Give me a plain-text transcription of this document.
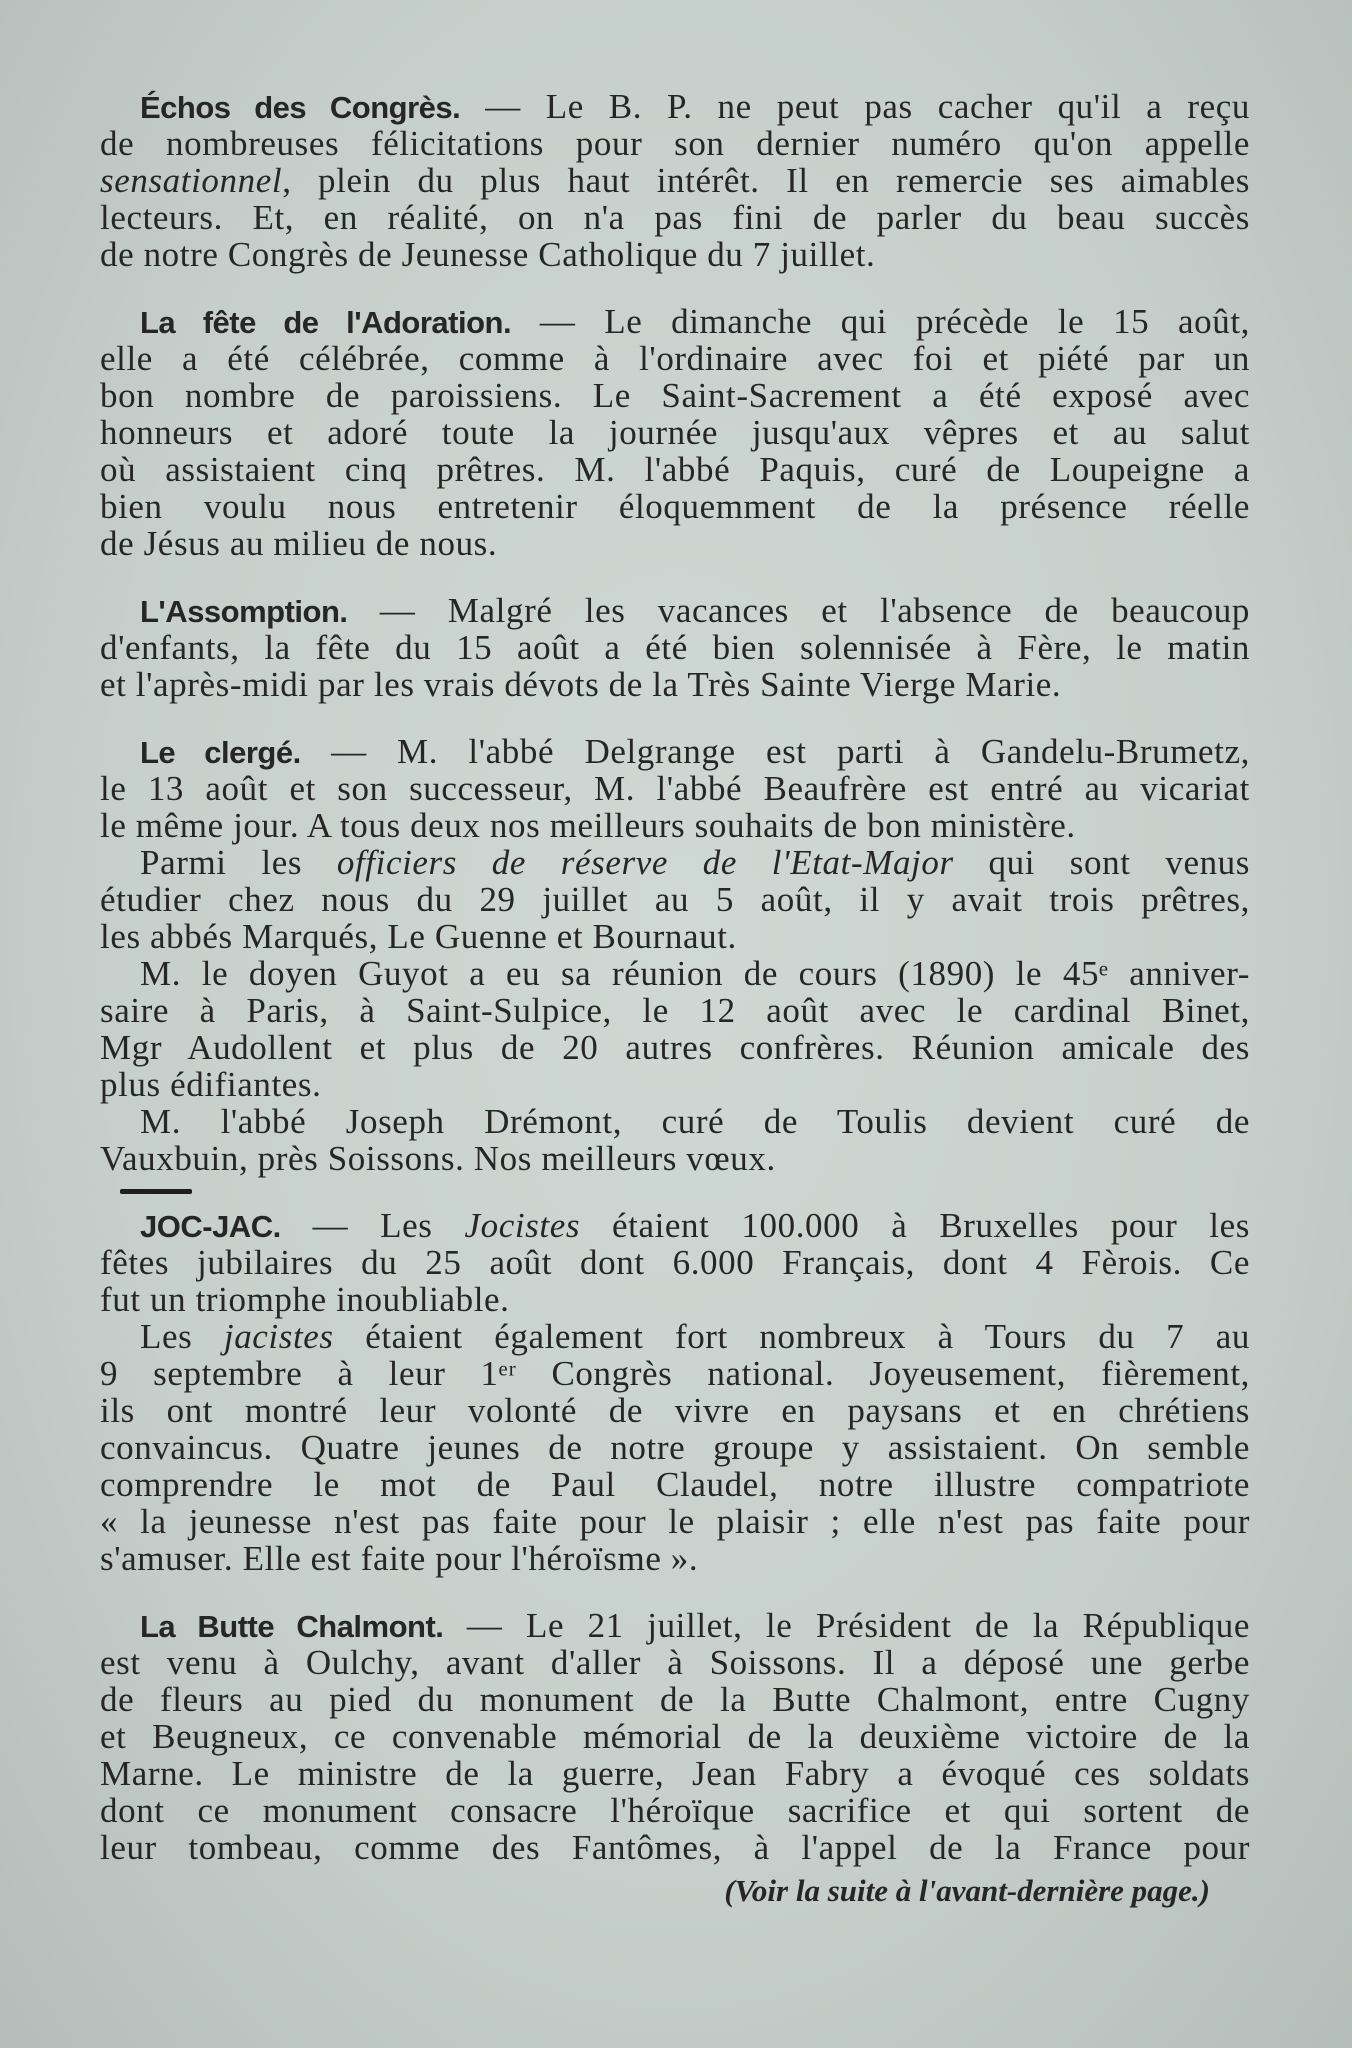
Échos des Congrès. — Le B. P. ne peut pas cacher qu'il a reçu
de nombreuses félicitations pour son dernier numéro qu'on appelle
sensationnel, plein du plus haut intérêt. Il en remercie ses aimables
lecteurs. Et, en réalité, on n'a pas fini de parler du beau succès
de notre Congrès de Jeunesse Catholique du 7 juillet.
La fête de l'Adoration. — Le dimanche qui précède le 15 août,
elle a été célébrée, comme à l'ordinaire avec foi et piété par un
bon nombre de paroissiens. Le Saint-Sacrement a été exposé avec
honneurs et adoré toute la journée jusqu'aux vêpres et au salut
où assistaient cinq prêtres. M. l'abbé Paquis, curé de Loupeigne a
bien voulu nous entretenir éloquemment de la présence réelle
de Jésus au milieu de nous.
L'Assomption. — Malgré les vacances et l'absence de beaucoup
d'enfants, la fête du 15 août a été bien solennisée à Fère, le matin
et l'après-midi par les vrais dévots de la Très Sainte Vierge Marie.
Le clergé. — M. l'abbé Delgrange est parti à Gandelu-Brumetz,
le 13 août et son successeur, M. l'abbé Beaufrère est entré au vicariat
le même jour. A tous deux nos meilleurs souhaits de bon ministère.
Parmi les officiers de réserve de l'Etat-Major qui sont venus
étudier chez nous du 29 juillet au 5 août, il y avait trois prêtres,
les abbés Marqués, Le Guenne et Bournaut.
M. le doyen Guyot a eu sa réunion de cours (1890) le 45ᵉ anniver-
saire à Paris, à Saint-Sulpice, le 12 août avec le cardinal Binet,
Mgr Audollent et plus de 20 autres confrères. Réunion amicale des
plus édifiantes.
M. l'abbé Joseph Drémont, curé de Toulis devient curé de
Vauxbuin, près Soissons. Nos meilleurs vœux.
JOC-JAC. — Les Jocistes étaient 100.000 à Bruxelles pour les
fêtes jubilaires du 25 août dont 6.000 Français, dont 4 Fèrois. Ce
fut un triomphe inoubliable.
Les jacistes étaient également fort nombreux à Tours du 7 au
9 septembre à leur 1ᵉʳ Congrès national. Joyeusement, fièrement,
ils ont montré leur volonté de vivre en paysans et en chrétiens
convaincus. Quatre jeunes de notre groupe y assistaient. On semble
comprendre le mot de Paul Claudel, notre illustre compatriote
« la jeunesse n'est pas faite pour le plaisir ; elle n'est pas faite pour
s'amuser. Elle est faite pour l'héroïsme ».
La Butte Chalmont. — Le 21 juillet, le Président de la République
est venu à Oulchy, avant d'aller à Soissons. Il a déposé une gerbe
de fleurs au pied du monument de la Butte Chalmont, entre Cugny
et Beugneux, ce convenable mémorial de la deuxième victoire de la
Marne. Le ministre de la guerre, Jean Fabry a évoqué ces soldats
dont ce monument consacre l'héroïque sacrifice et qui sortent de
leur tombeau, comme des Fantômes, à l'appel de la France pour
(Voir la suite à l'avant-dernière page.)
